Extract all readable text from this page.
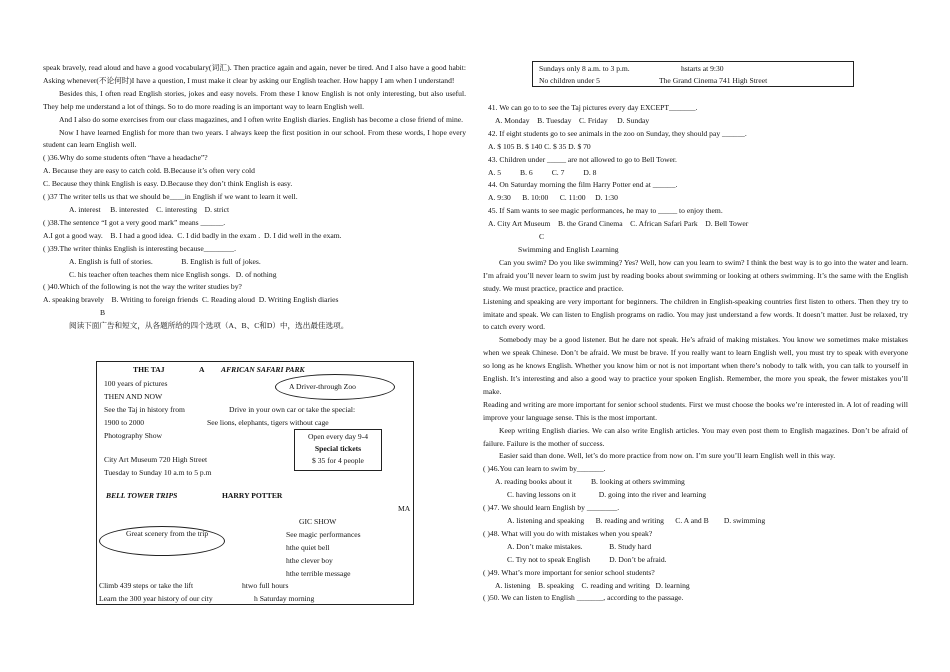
speak bravely, read aloud and have a good vocabulary(词汇). Then practice again and again, never be tired. And I also have a good habit: Asking whenever(不论何时)I have a question, I must make it clear by asking our English teacher. How happy I am when I understand!

Besides this, I often read English stories, jokes and easy novels. From these I know English is not only interesting, but also useful. They help me understand a lot of things. So to do more reading is an important way to learn English well.

And I also do some exercises from our class magazines, and I often write English diaries. English has become a close friend of mine.

Now I have learned English for more than two years. I always keep the first position in our school. From these words, I hope every student can learn English well.

( )36.Why do some students often “have a headache”?

A. Because they are easy to catch cold. B.Because it’s often very cold

C. Because they think English is easy. D.Because they don’t think English is easy.

( )37 The writer tells us that we should be____in English if we want to learn it well.

A. interest     B. interested    C. interesting    D. strict

( )38.The sentence “I got a very good mark” means ______.

A.I got a good way.    B. I had a good idea.  C. I did badly in the exam .  D. I did well in the exam.

( )39.The writer thinks English is interesting because________.

A. English is full of stories.               B. English is full of jokes.

C. his teacher often teaches them nice English songs.   D. of nothing

( )40.Which of the following is not the way the writer studies by?

A. speaking bravely    B. Writing to foreign friends  C. Reading aloud  D. Writing English diaries

B

阅读下面广告和短文，从各题所给的四个选项（A、B、C和D）中，选出最佳选项。

THE TAJ	A AFRICAN SAFARI PARK
100 years of pictures
THEN AND NOW
See the Taj in history from
1900 to 2000
Photography Show
City Art Museum 720 High Street
Tuesday to Sunday 10 a.m to 5 p.m
A Driver-through Zoo
Drive in your own car or take the special:
See lions, elephants, tigers without cage
Open every day 9-4
Special tickets
$ 35 for 4 people
BELL TOWER TRIPS	HARRY POTTER
MA
GIC SHOW
Great scenery from the trip	See magic performances
hthe quiet bell
hthe clever boy
hthe terrible message
Climb 439 steps or take the lift
Learn the 300 year history of our city
htwo full hours
h Saturday morning
Sundays only 8 a.m. to 3 p.m.	hstarts at 9:30
No children under 5	The Grand Cinema 741 High Street

41. We can go to to see the Taj pictures every day EXCEPT_______.

A. Monday    B. Tuesday    C. Friday     D. Sunday

42. If eight students go to see animals in the zoo on Sunday, they should pay ______.

A. $ 105 B. $ 140 C. $ 35 D. $ 70

43. Children under _____ are not allowed to go to Bell Tower.

A. 5          B. 6          C. 7          D. 8

44. On Saturday morning the film Harry Potter end at ______.

A. 9:30      B. 10:00      C. 11:00     D. 1:30

45. If Sam wants to see magic performances, he may to _____ to enjoy them.

A. City Art Museum    B. the Grand Cinema    C. African Safari Park    D. Bell Tower

C

Swimming and English Learning

Can you swim? Do you like swimming? Yes? Well, how can you learn to swim? I think the best way is to go into the water and learn. I’m afraid you’ll never learn to swim just by reading books about swimming or looking at others swimming. It’s the same with the English study. We must practice, practice and practice.

Listening and speaking are very important for beginners. The children in English-speaking countries first listen to others. Then they try to imitate and speak. We can listen to English programs on radio. You may just understand a few words. It doesn’t matter. Just be relaxed, try to catch every word.

Somebody may be a good listener. But he dare not speak. He’s afraid of making mistakes. You know we sometimes make mistakes when we speak Chinese. Don’t be afraid. We must be brave. If you really want to learn English well, you must try to speak with everyone so long as he knows English. Whether you know him or not is not important when there’s nobody to talk with, you can talk to yourself in English. It’s interesting and also a good way to practice your spoken English. Remember, the more you speak, the fewer mistakes you’ll make.

Reading and writing are more important for senior school students. First we must choose the books we’re interested in. A lot of reading will improve your language sense. This is the most important.

Keep writing English diaries. We can also write English articles. You may even post them to English magazines. Don’t be afraid of failure. Failure is the mother of success.

Easier said than done. Well, let’s do more practice from now on. I’m sure you’ll learn English well in this way.

( )46.You can learn to swim by_______.

A. reading books about it          B. looking at others swimming

C. having lessons on it            D. going into the river and learning

( )47. We should learn English by ________.

A. listening and speaking      B. reading and writing      C. A and B        D. swimming

( )48. What will you do with mistakes when you speak?

A. Don’t make mistakes.              B. Study hard

C. Try not to speak English          D. Don’t be afraid.

( )49. What’s more important for senior school students?

A. listening    B. speaking    C. reading and writing   D. learning

( )50. We can listen to English _______, according to the passage.
